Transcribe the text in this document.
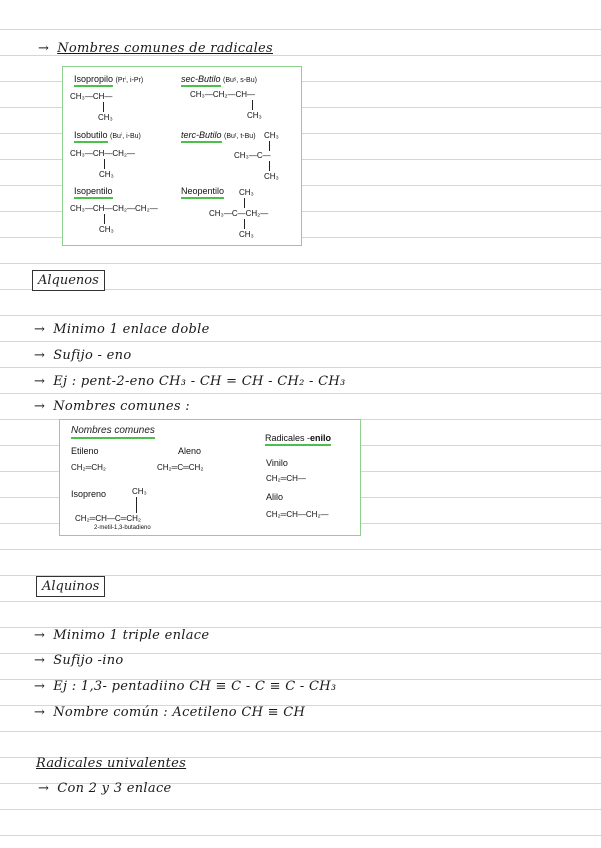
→ Nombres comunes de radicales
Isopropilo (Prⁱ, i-Pr)
CH₃—CH—
CH₃
sec-Butilo (Buˢ, s-Bu)
CH₃—CH₂—CH—
CH₃
Isobutilo (Buⁱ, i-Bu)
CH₃—CH—CH₂—
CH₃
terc-Butilo (Buᵗ, t-Bu) CH₃
CH₃—C—
CH₃
Isopentilo
CH₃—CH—CH₂—CH₂—
CH₃
Neopentilo CH₃
CH₃—C—CH₂—
CH₃
Alquenos
→ Minimo 1 enlace doble
→ Sufijo - eno
→ Ej : pent-2-eno CH₃ - CH = CH - CH₂ - CH₃
→ Nombres comunes :
Nombres comunes
Etileno
CH₂═CH₂
Aleno
CH₂═C═CH₂
Isopreno	CH₃
CH₂═CH—C═CH₂
2-metil-1,3-butadieno
Radicales -enilo
Vinilo
CH₂═CH—
Alilo
CH₂═CH—CH₂—
Alquinos
→ Minimo 1 triple enlace
→ Sufijo -ino
→ Ej : 1,3- pentadiino CH ≡ C - C ≡ C - CH₃
→ Nombre común : Acetileno CH ≡ CH
Radicales univalentes
→ Con 2 y 3 enlace
